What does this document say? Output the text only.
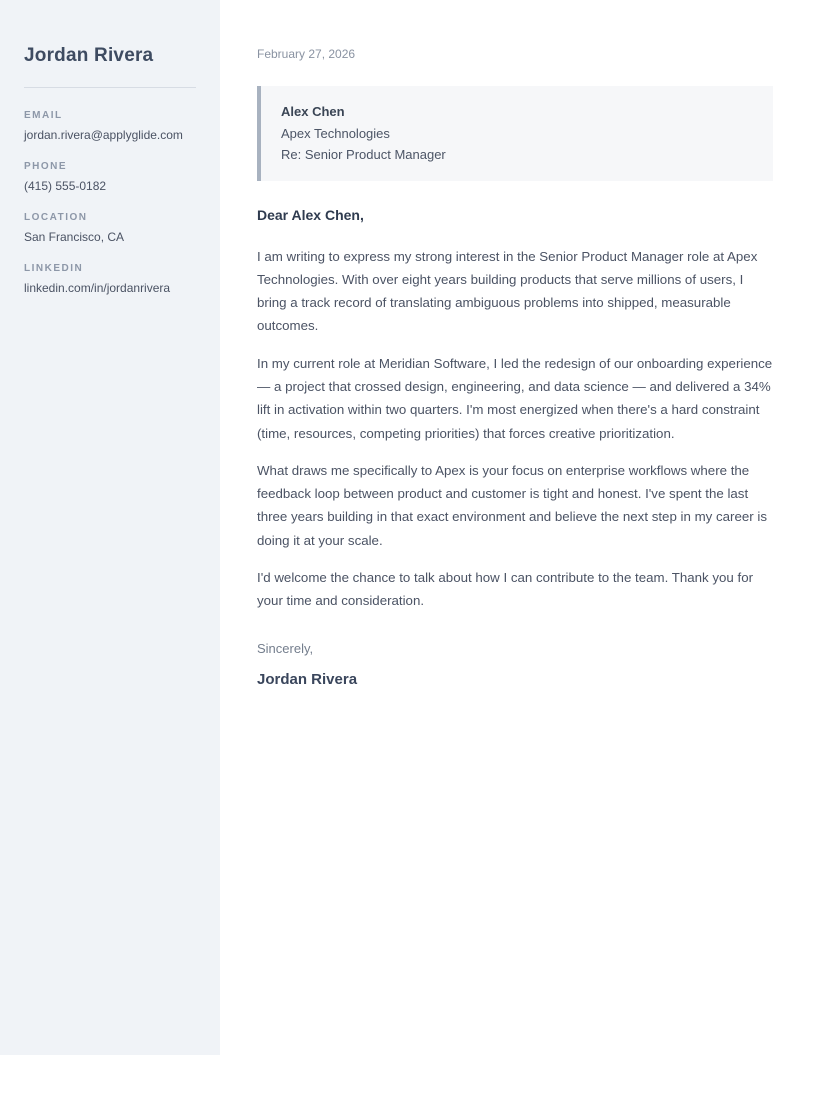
Jordan Rivera
EMAIL
jordan.rivera@applyglide.com
PHONE
(415) 555-0182
LOCATION
San Francisco, CA
LINKEDIN
linkedin.com/in/jordanrivera
February 27, 2026
Alex Chen
Apex Technologies
Re: Senior Product Manager

Dear Alex Chen,

I am writing to express my strong interest in the Senior Product Manager role at Apex Technologies. With over eight years building products that serve millions of users, I bring a track record of translating ambiguous problems into shipped, measurable outcomes.

In my current role at Meridian Software, I led the redesign of our onboarding experience — a project that crossed design, engineering, and data science — and delivered a 34% lift in activation within two quarters. I'm most energized when there's a hard constraint (time, resources, competing priorities) that forces creative prioritization.

What draws me specifically to Apex is your focus on enterprise workflows where the feedback loop between product and customer is tight and honest. I've spent the last three years building in that exact environment and believe the next step in my career is doing it at your scale.

I'd welcome the chance to talk about how I can contribute to the team. Thank you for your time and consideration.

Sincerely,

Jordan Rivera
